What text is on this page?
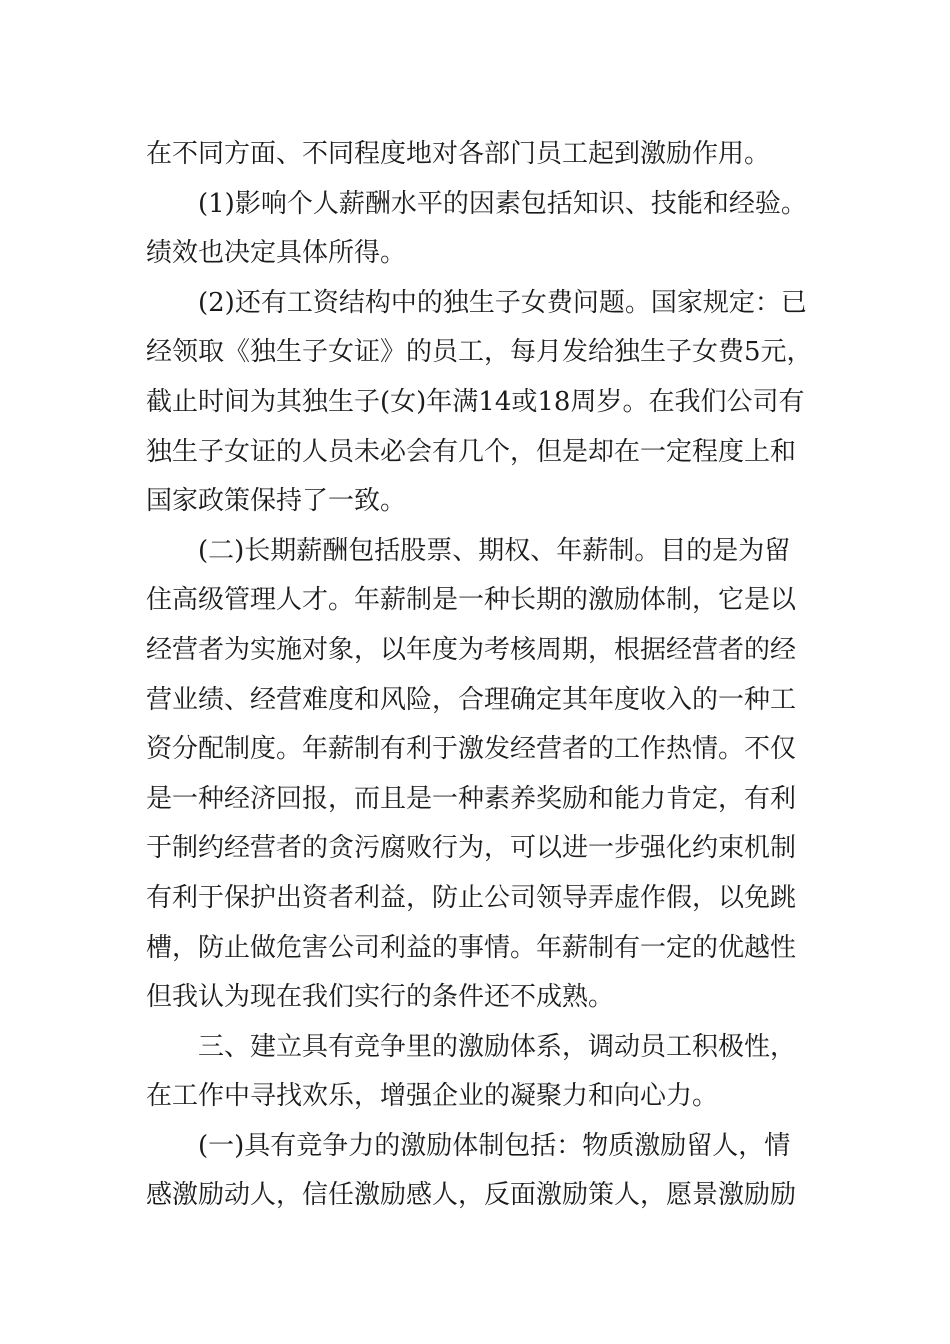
在不同方面、不同程度地对各部门员工起到激励作用。
(1)影响个人薪酬水平的因素包括知识、技能和经验。
绩效也决定具体所得。
(2)还有工资结构中的独生子女费问题。国家规定：已
经领取《独生子女证》的员工，每月发给独生子女费5元，
截止时间为其独生子(女)年满14或18周岁。在我们公司有
独生子女证的人员未必会有几个，但是却在一定程度上和
国家政策保持了一致。
(二)长期薪酬包括股票、期权、年薪制。目的是为留
住高级管理人才。年薪制是一种长期的激励体制，它是以
经营者为实施对象，以年度为考核周期，根据经营者的经
营业绩、经营难度和风险，合理确定其年度收入的一种工
资分配制度。年薪制有利于激发经营者的工作热情。不仅
是一种经济回报，而且是一种素养奖励和能力肯定，有利
于制约经营者的贪污腐败行为，可以进一步强化约束机制
有利于保护出资者利益，防止公司领导弄虚作假，以免跳
槽，防止做危害公司利益的事情。年薪制有一定的优越性
但我认为现在我们实行的条件还不成熟。
三、建立具有竞争里的激励体系，调动员工积极性，
在工作中寻找欢乐，增强企业的凝聚力和向心力。
(一)具有竞争力的激励体制包括：物质激励留人，情
感激励动人，信任激励感人，反面激励策人，愿景激励励
